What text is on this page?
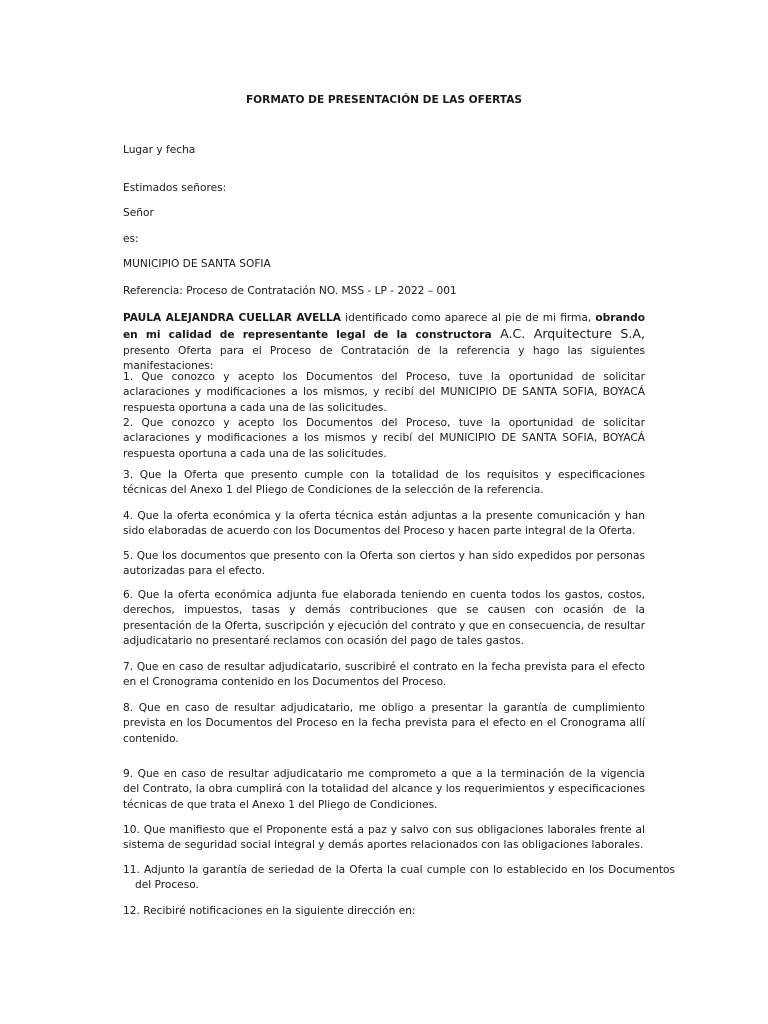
FORMATO DE PRESENTACIÓN DE LAS OFERTAS

Lugar y fecha

Estimados señores:

Señor

es:

MUNICIPIO DE SANTA SOFIA

Referencia: Proceso de Contratación NO. MSS - LP - 2022 – 001

PAULA ALEJANDRA CUELLAR AVELLA identificado como aparece al pie de mi firma, obrando en mi calidad de representante legal de la constructora A.C. Arquitecture S.A, presento Oferta para el Proceso de Contratación de la referencia y hago las siguientes manifestaciones:

1. Que conozco y acepto los Documentos del Proceso, tuve la oportunidad de solicitar aclaraciones y modificaciones a los mismos, y recibí del MUNICIPIO DE SANTA SOFIA, BOYACÁ respuesta oportuna a cada una de las solicitudes.

2. Que conozco y acepto los Documentos del Proceso, tuve la oportunidad de solicitar aclaraciones y modificaciones a los mismos y recibí del MUNICIPIO DE SANTA SOFIA, BOYACÁ respuesta oportuna a cada una de las solicitudes.

3. Que la Oferta que presento cumple con la totalidad de los requisitos y especificaciones técnicas del Anexo 1 del Pliego de Condiciones de la selección de la referencia.

4. Que la oferta económica y la oferta técnica están adjuntas a la presente comunicación y han sido elaboradas de acuerdo con los Documentos del Proceso y hacen parte integral de la Oferta.

5. Que los documentos que presento con la Oferta son ciertos y han sido expedidos por personas autorizadas para el efecto.

6. Que la oferta económica adjunta fue elaborada teniendo en cuenta todos los gastos, costos, derechos, impuestos, tasas y demás contribuciones que se causen con ocasión de la presentación de la Oferta, suscripción y ejecución del contrato y que en consecuencia, de resultar adjudicatario no presentaré reclamos con ocasión del pago de tales gastos.

7. Que en caso de resultar adjudicatario, suscribiré el contrato en la fecha prevista para el efecto en el Cronograma contenido en los Documentos del Proceso.

8. Que en caso de resultar adjudicatario, me obligo a presentar la garantía de cumplimiento prevista en los Documentos del Proceso en la fecha prevista para el efecto en el Cronograma allí contenido.

9. Que en caso de resultar adjudicatario me comprometo a que a la terminación de la vigencia del Contrato, la obra cumplirá con la totalidad del alcance y los requerimientos y especificaciones técnicas de que trata el Anexo 1 del Pliego de Condiciones.

10. Que manifiesto que el Proponente está a paz y salvo con sus obligaciones laborales frente al sistema de seguridad social integral y demás aportes relacionados con las obligaciones laborales.

11. Adjunto la garantía de seriedad de la Oferta la cual cumple con lo establecido en los Documentos del Proceso.

12. Recibiré notificaciones en la siguiente dirección en:
